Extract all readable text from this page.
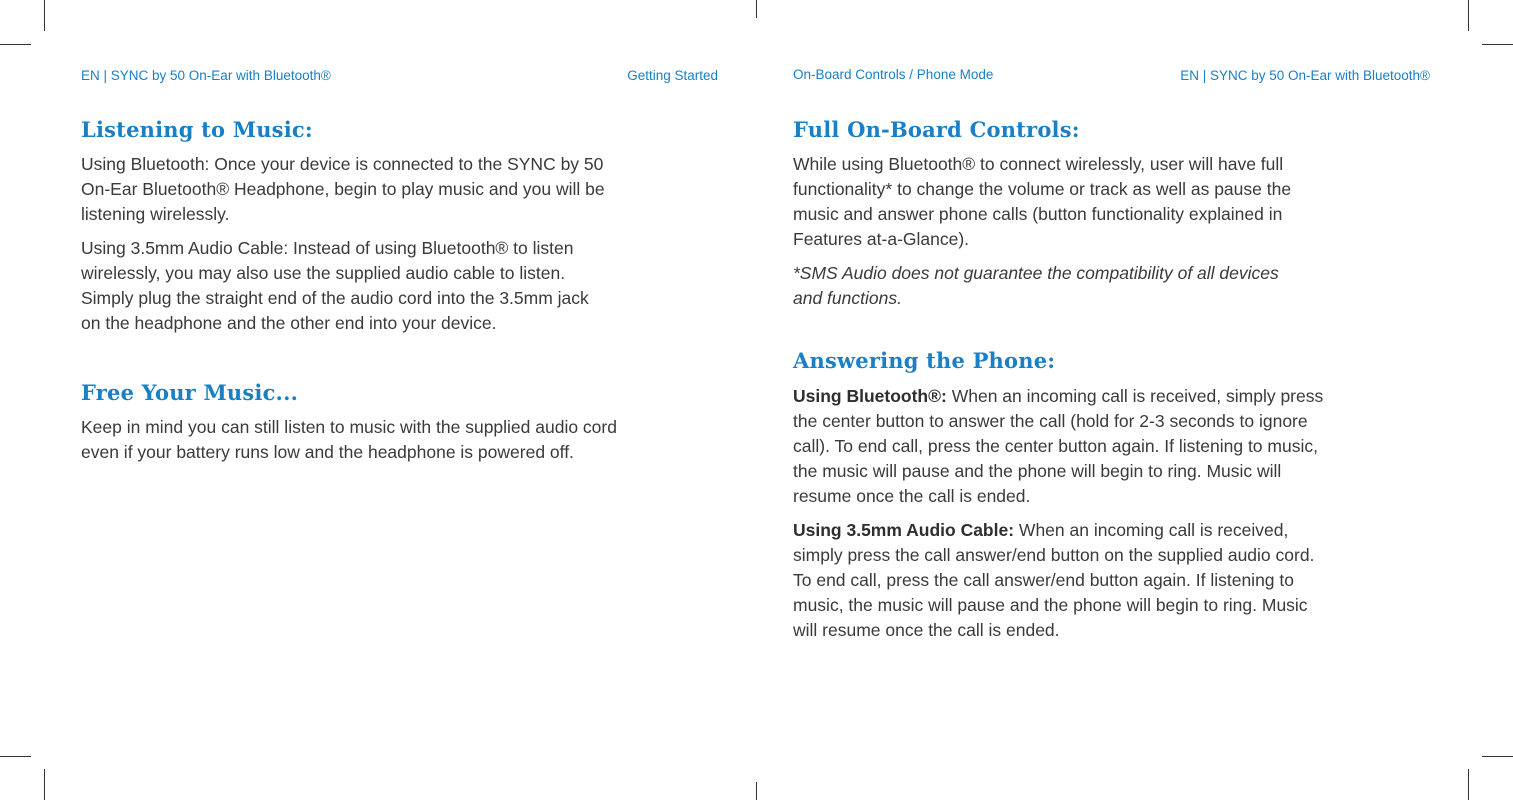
EN | SYNC by 50 On-Ear with Bluetooth®	Getting Started
Listening to Music:

Using Bluetooth: Once your device is connected to the SYNC by 50
On-Ear Bluetooth® Headphone, begin to play music and you will be
listening wirelessly.

Using 3.5mm Audio Cable: Instead of using Bluetooth® to listen
wirelessly, you may also use the supplied audio cable to listen.
Simply plug the straight end of the audio cord into the 3.5mm jack
on the headphone and the other end into your device.

Free Your Music...

Keep in mind you can still listen to music with the supplied audio cord
even if your battery runs low and the headphone is powered off.

On-Board Controls / Phone Mode	EN | SYNC by 50 On-Ear with Bluetooth®
Full On-Board Controls:

While using Bluetooth® to connect wirelessly, user will have full
functionality* to change the volume or track as well as pause the
music and answer phone calls (button functionality explained in
Features at-a-Glance).

*SMS Audio does not guarantee the compatibility of all devices
and functions.

Answering the Phone:

Using Bluetooth®: When an incoming call is received, simply press
the center button to answer the call (hold for 2-3 seconds to ignore
call). To end call, press the center button again. If listening to music,
the music will pause and the phone will begin to ring. Music will
resume once the call is ended.

Using 3.5mm Audio Cable: When an incoming call is received,
simply press the call answer/end button on the supplied audio cord.
To end call, press the call answer/end button again. If listening to
music, the music will pause and the phone will begin to ring. Music
will resume once the call is ended.
